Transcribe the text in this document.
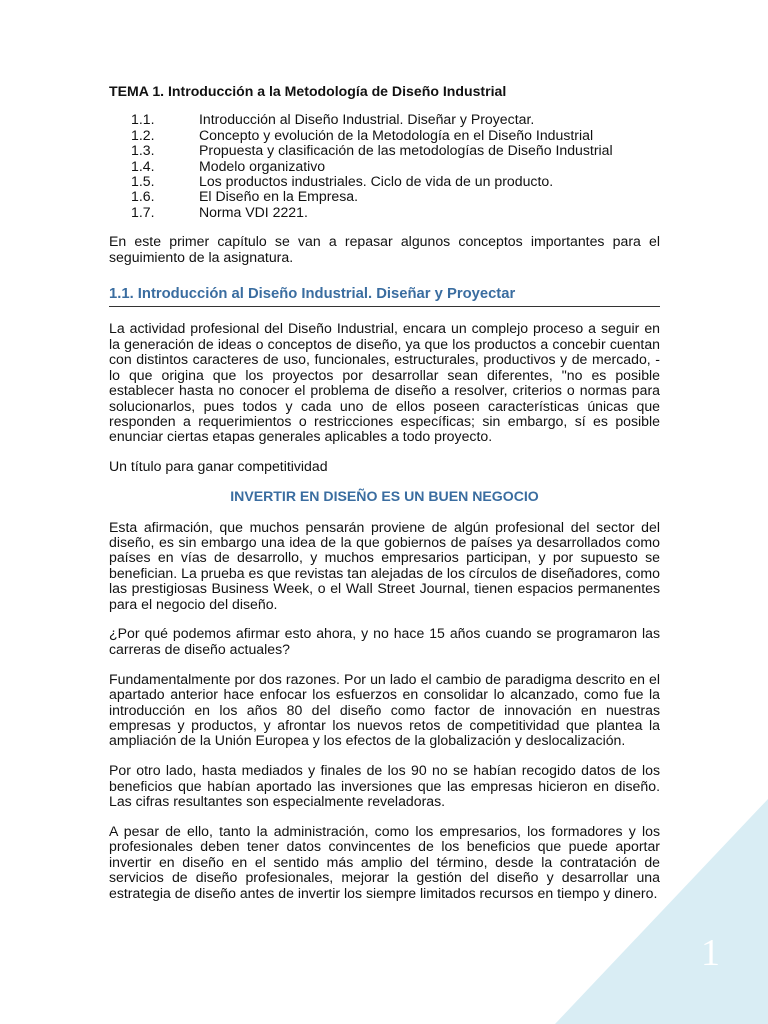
1
TEMA 1. Introducción a la Metodología de Diseño Industrial
1.1.	Introducción al Diseño Industrial. Diseñar y Proyectar.
1.2.	Concepto y evolución de la Metodología en el Diseño Industrial
1.3.	Propuesta y clasificación de las metodologías de Diseño Industrial
1.4.	Modelo organizativo
1.5.	Los productos industriales. Ciclo de vida de un producto.
1.6.	El Diseño en la Empresa.
1.7.	Norma VDI 2221.

En este primer capítulo se van a repasar algunos conceptos importantes para el seguimiento de la asignatura.

1.1. Introducción al Diseño Industrial. Diseñar y Proyectar

La actividad profesional del Diseño Industrial, encara un complejo proceso a seguir en la generación de ideas o conceptos de diseño, ya que los productos a concebir cuentan con distintos caracteres de uso, funcionales, estructurales, productivos y de mercado, -lo que origina que los proyectos por desarrollar sean diferentes, "no es posible establecer hasta no conocer el problema de diseño a resolver, criterios o normas para solucionarlos, pues todos y cada uno de ellos poseen características únicas que responden a requerimientos o restricciones específicas; sin embargo, sí es posible enunciar ciertas etapas generales aplicables a todo proyecto.

Un título para ganar competitividad

INVERTIR EN DISEÑO ES UN BUEN NEGOCIO

Esta afirmación, que muchos pensarán proviene de algún profesional del sector del diseño, es sin embargo una idea de la que gobiernos de países ya desarrollados como países en vías de desarrollo, y muchos empresarios participan, y por supuesto se benefician. La prueba es que revistas tan alejadas de los círculos de diseñadores, como las prestigiosas Business Week, o el Wall Street Journal, tienen espacios permanentes para el negocio del diseño.

¿Por qué podemos afirmar esto ahora, y no hace 15 años cuando se programaron las carreras de diseño actuales?

Fundamentalmente por dos razones. Por un lado el cambio de paradigma descrito en el apartado anterior hace enfocar los esfuerzos en consolidar lo alcanzado, como fue la introducción en los años 80 del diseño como factor de innovación en nuestras empresas y productos, y afrontar los nuevos retos de competitividad que plantea la ampliación de la Unión Europea y los efectos de la globalización y deslocalización.

Por otro lado, hasta mediados y finales de los 90 no se habían recogido datos de los beneficios que habían aportado las inversiones que las empresas hicieron en diseño. Las cifras resultantes son especialmente reveladoras.

A pesar de ello, tanto la administración, como los empresarios, los formadores y los profesionales deben tener datos convincentes de los beneficios que puede aportar invertir en diseño en el sentido más amplio del término, desde la contratación de servicios de diseño profesionales, mejorar la gestión del diseño y desarrollar una estrategia de diseño antes de invertir los siempre limitados recursos en tiempo y dinero.
